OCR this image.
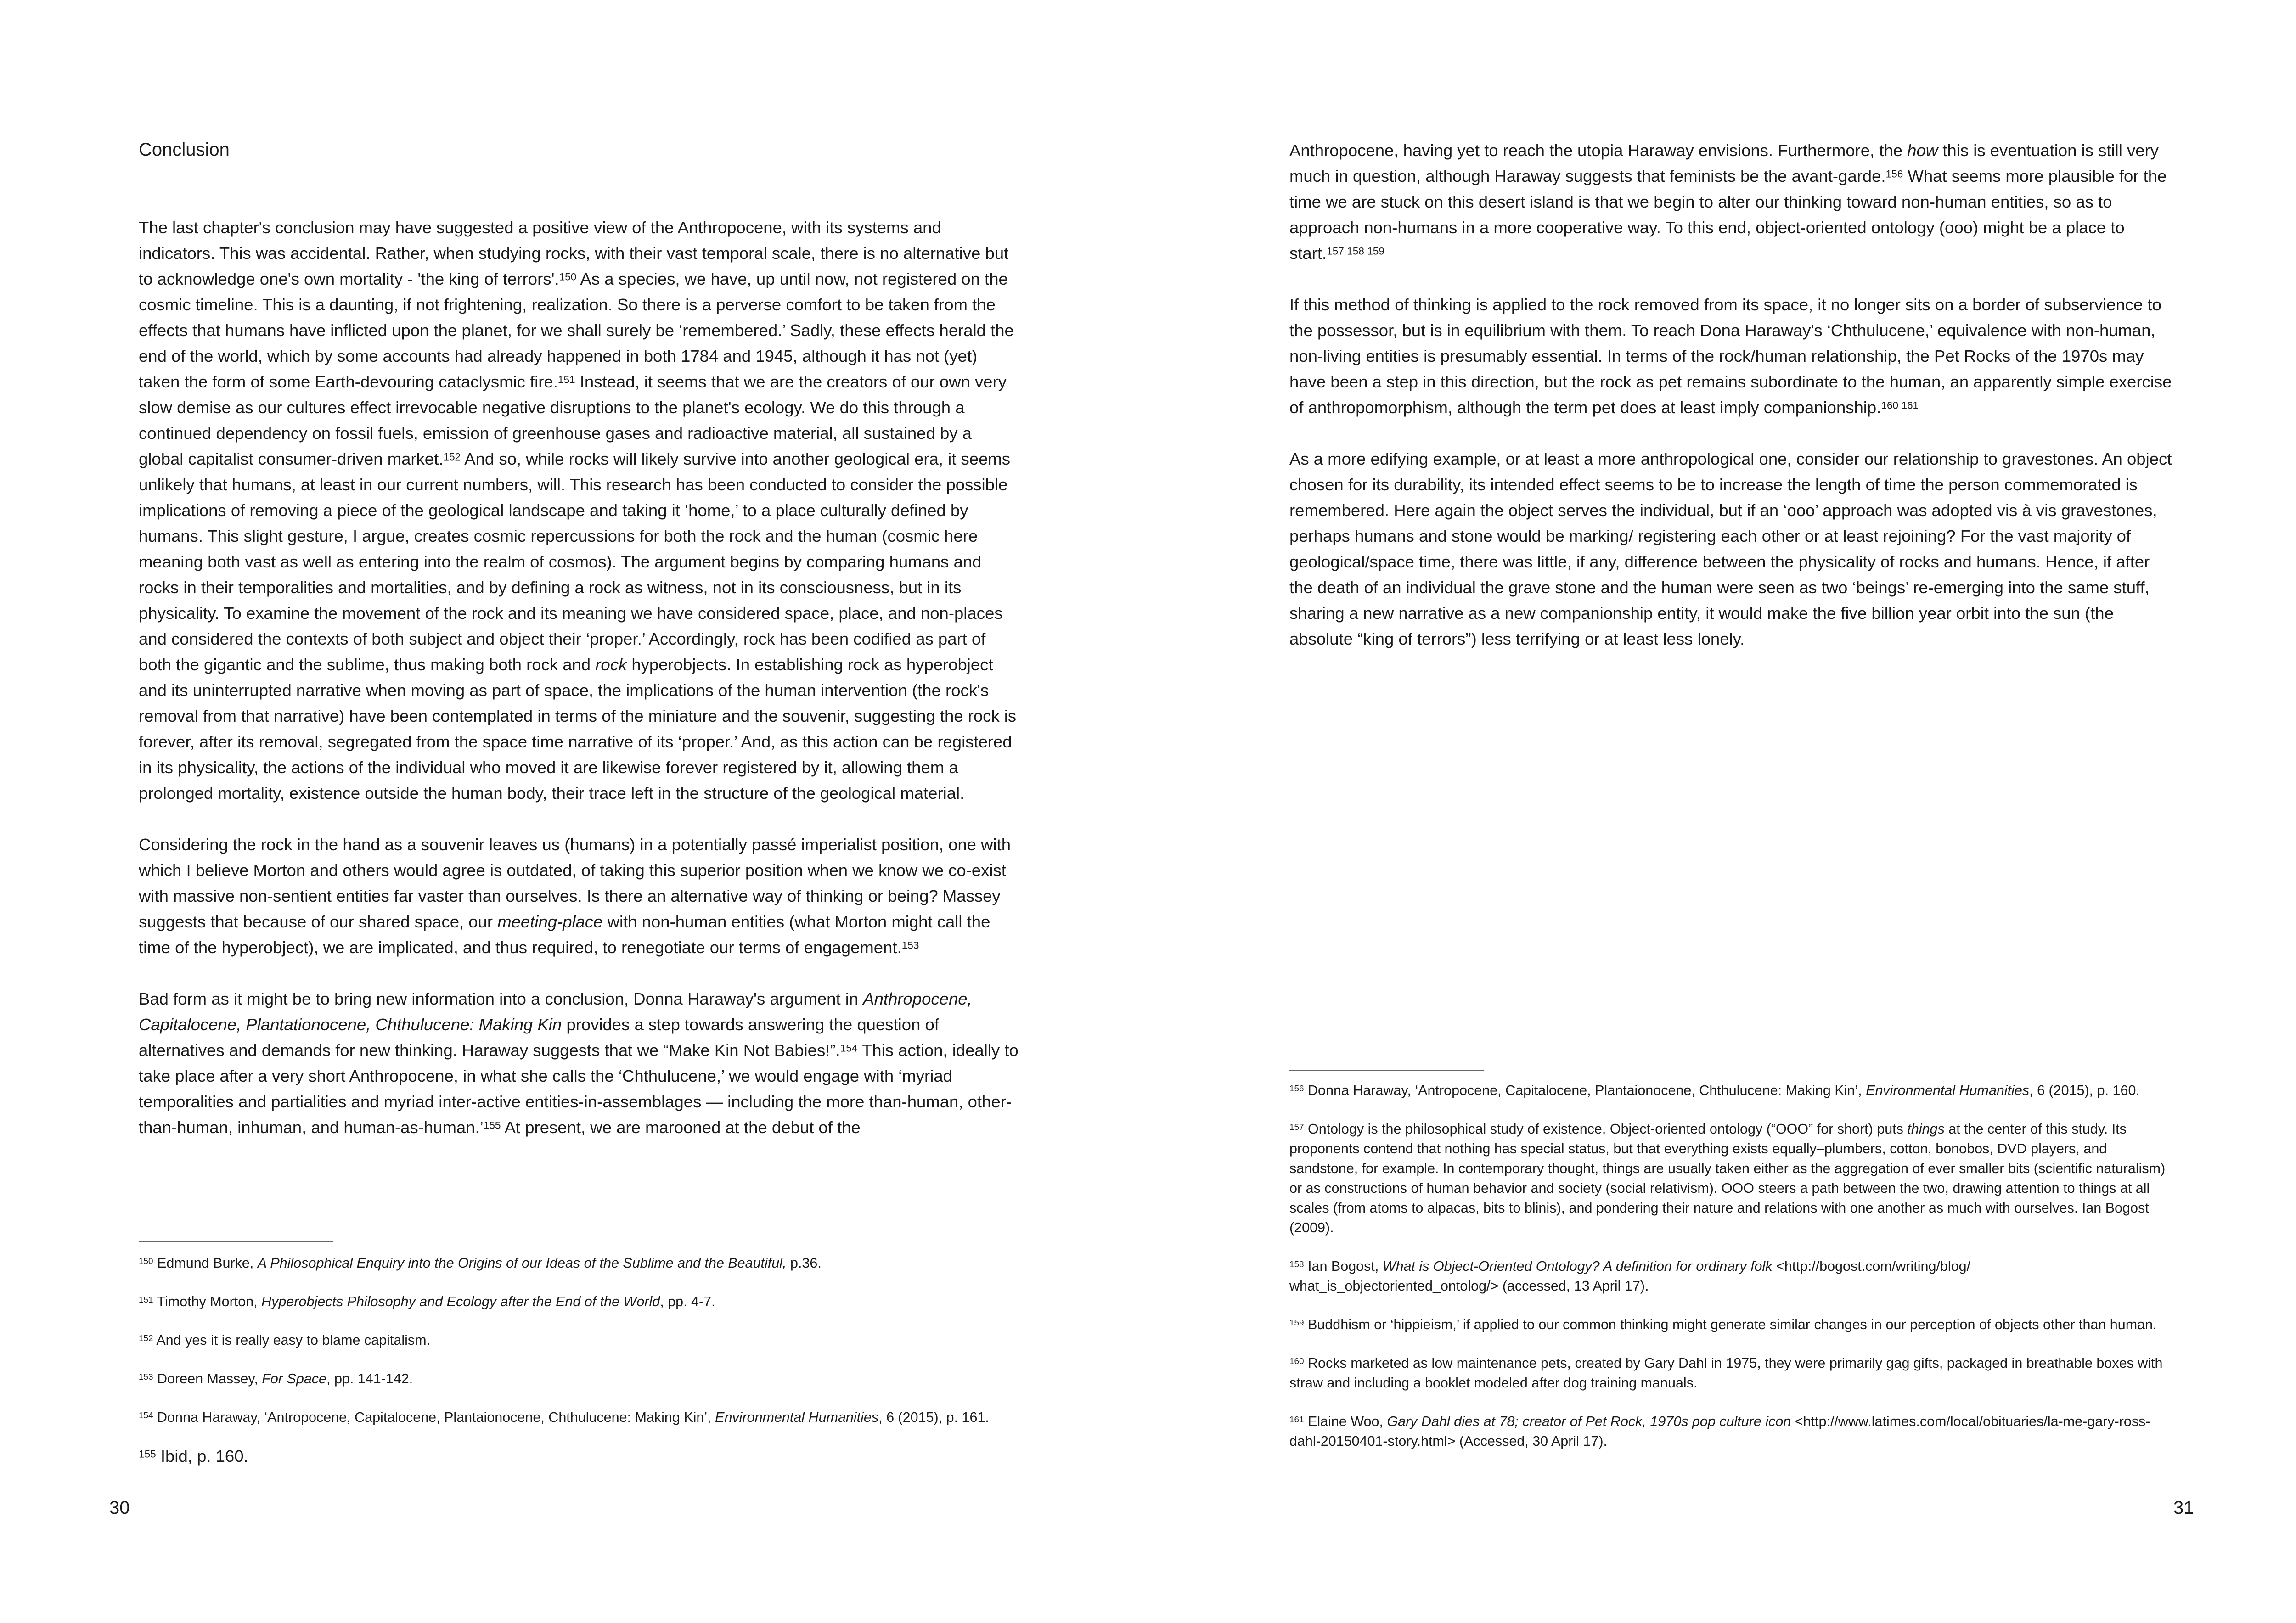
Conclusion

The last chapter's conclusion may have suggested a positive view of the Anthropocene, with its systems and indicators. This was accidental. Rather, when studying rocks, with their vast temporal scale, there is no alternative but to acknowledge one's own mortality - 'the king of terrors'.$^{150}$ As a species, we have, up until now, not registered on the cosmic timeline. This is a daunting, if not frightening, realization. So there is a perverse comfort to be taken from the effects that humans have inflicted upon the planet, for we shall surely be ‘remembered.’ Sadly, these effects herald the end of the world, which by some accounts had already happened in both 1784 and 1945, although it has not (yet) taken the form of some Earth-devouring cataclysmic fire.$^{151}$ Instead, it seems that we are the creators of our own very slow demise as our cultures effect irrevocable negative disruptions to the planet's ecology. We do this through a continued dependency on fossil fuels, emission of greenhouse gases and radioactive material, all sustained by a global capitalist consumer-driven market.$^{152}$ And so, while rocks will likely survive into another geological era, it seems unlikely that humans, at least in our current numbers, will. This research has been conducted to consider the possible implications of removing a piece of the geological landscape and taking it ‘home,’ to a place culturally defined by humans. This slight gesture, I argue, creates cosmic repercussions for both the rock and the human (cosmic here meaning both vast as well as entering into the realm of cosmos). The argument begins by comparing humans and rocks in their temporalities and mortalities, and by defining a rock as witness, not in its consciousness, but in its physicality. To examine the movement of the rock and its meaning we have considered space, place, and non-places and considered the contexts of both subject and object their ‘proper.’ Accordingly, rock has been codified as part of both the gigantic and the sublime, thus making both rock and rock hyperobjects. In establishing rock as hyperobject and its uninterrupted narrative when moving as part of space, the implications of the human intervention (the rock's removal from that narrative) have been contemplated in terms of the miniature and the souvenir, suggesting the rock is forever, after its removal, segregated from the space time narrative of its ‘proper.’ And, as this action can be registered in its physicality, the actions of the individual who moved it are likewise forever registered by it, allowing them a prolonged mortality, existence outside the human body, their trace left in the structure of the geological material.

Considering the rock in the hand as a souvenir leaves us (humans) in a potentially passé imperialist position, one with which I believe Morton and others would agree is outdated, of taking this superior position when we know we co-exist with massive non-sentient entities far vaster than ourselves. Is there an alternative way of thinking or being? Massey suggests that because of our shared space, our meeting-place with non-human entities (what Morton might call the time of the hyperobject), we are implicated, and thus required, to renegotiate our terms of engagement.$^{153}$

Bad form as it might be to bring new information into a conclusion, Donna Haraway's argument in Anthropocene, Capitalocene, Plantationocene, Chthulucene: Making Kin provides a step towards answering the question of alternatives and demands for new thinking. Haraway suggests that we “Make Kin Not Babies!”.$^{154}$ This action, ideally to take place after a very short Anthropocene, in what she calls the ‘Chthulucene,’ we would engage with ‘myriad temporalities and partialities and myriad inter-active entities-in-assemblages — including the more than-human, other-than-human, inhuman, and human-as-human.’$^{155}$ At present, we are marooned at the debut of the

$^{150}$ Edmund Burke, A Philosophical Enquiry into the Origins of our Ideas of the Sublime and the Beautiful, p.36.
$^{151}$ Timothy Morton, Hyperobjects Philosophy and Ecology after the End of the World, pp. 4-7.
$^{152}$ And yes it is really easy to blame capitalism.
$^{153}$ Doreen Massey, For Space, pp. 141-142.
$^{154}$ Donna Haraway, ‘Antropocene, Capitalocene, Plantaionocene, Chthulucene: Making Kin’, Environmental Humanities, 6 (2015), p. 161.
$^{155}$ Ibid, p. 160.
30

Anthropocene, having yet to reach the utopia Haraway envisions. Furthermore, the how this is eventuation is still very much in question, although Haraway suggests that feminists be the avant-garde.$^{156}$ What seems more plausible for the time we are stuck on this desert island is that we begin to alter our thinking toward non-human entities, so as to approach non-humans in a more cooperative way. To this end, object-oriented ontology (ooo) might be a place to start.$^{157 158 159}$

If this method of thinking is applied to the rock removed from its space, it no longer sits on a border of subservience to the possessor, but is in equilibrium with them. To reach Dona Haraway's ‘Chthulucene,’ equivalence with non-human, non-living entities is presumably essential. In terms of the rock/human relationship, the Pet Rocks of the 1970s may have been a step in this direction, but the rock as pet remains subordinate to the human, an apparently simple exercise of anthropomorphism, although the term pet does at least imply companionship.$^{160 161}$

As a more edifying example, or at least a more anthropological one, consider our relationship to gravestones. An object chosen for its durability, its intended effect seems to be to increase the length of time the person commemorated is remembered. Here again the object serves the individual, but if an ‘ooo’ approach was adopted vis à vis gravestones, perhaps humans and stone would be marking/ registering each other or at least rejoining? For the vast majority of geological/space time, there was little, if any, difference between the physicality of rocks and humans. Hence, if after the death of an individual the grave stone and the human were seen as two ‘beings’ re-emerging into the same stuff, sharing a new narrative as a new companionship entity, it would make the five billion year orbit into the sun (the absolute “king of terrors”) less terrifying or at least less lonely.

$^{156}$ Donna Haraway, ‘Antropocene, Capitalocene, Plantaionocene, Chthulucene: Making Kin’, Environmental Humanities, 6 (2015), p. 160.
$^{157}$ Ontology is the philosophical study of existence. Object-oriented ontology (“OOO” for short) puts things at the center of this study. Its proponents contend that nothing has special status, but that everything exists equally–plumbers, cotton, bonobos, DVD players, and sandstone, for example. In contemporary thought, things are usually taken either as the aggregation of ever smaller bits (scientific naturalism) or as constructions of human behavior and society (social relativism). OOO steers a path between the two, drawing attention to things at all scales (from atoms to alpacas, bits to blinis), and pondering their nature and relations with one another as much with ourselves. Ian Bogost (2009).
$^{158}$ Ian Bogost, What is Object-Oriented Ontology? A definition for ordinary folk <http://bogost.com/writing/blog/ what_is_objectoriented_ontolog/> (accessed, 13 April 17).
$^{159}$ Buddhism or ‘hippieism,’ if applied to our common thinking might generate similar changes in our perception of objects other than human.
$^{160}$ Rocks marketed as low maintenance pets, created by Gary Dahl in 1975, they were primarily gag gifts, packaged in breathable boxes with straw and including a booklet modeled after dog training manuals.
$^{161}$ Elaine Woo, Gary Dahl dies at 78; creator of Pet Rock, 1970s pop culture icon <http://www.latimes.com/local/obituaries/la-me-gary-ross-dahl-20150401-story.html> (Accessed, 30 April 17).
31
